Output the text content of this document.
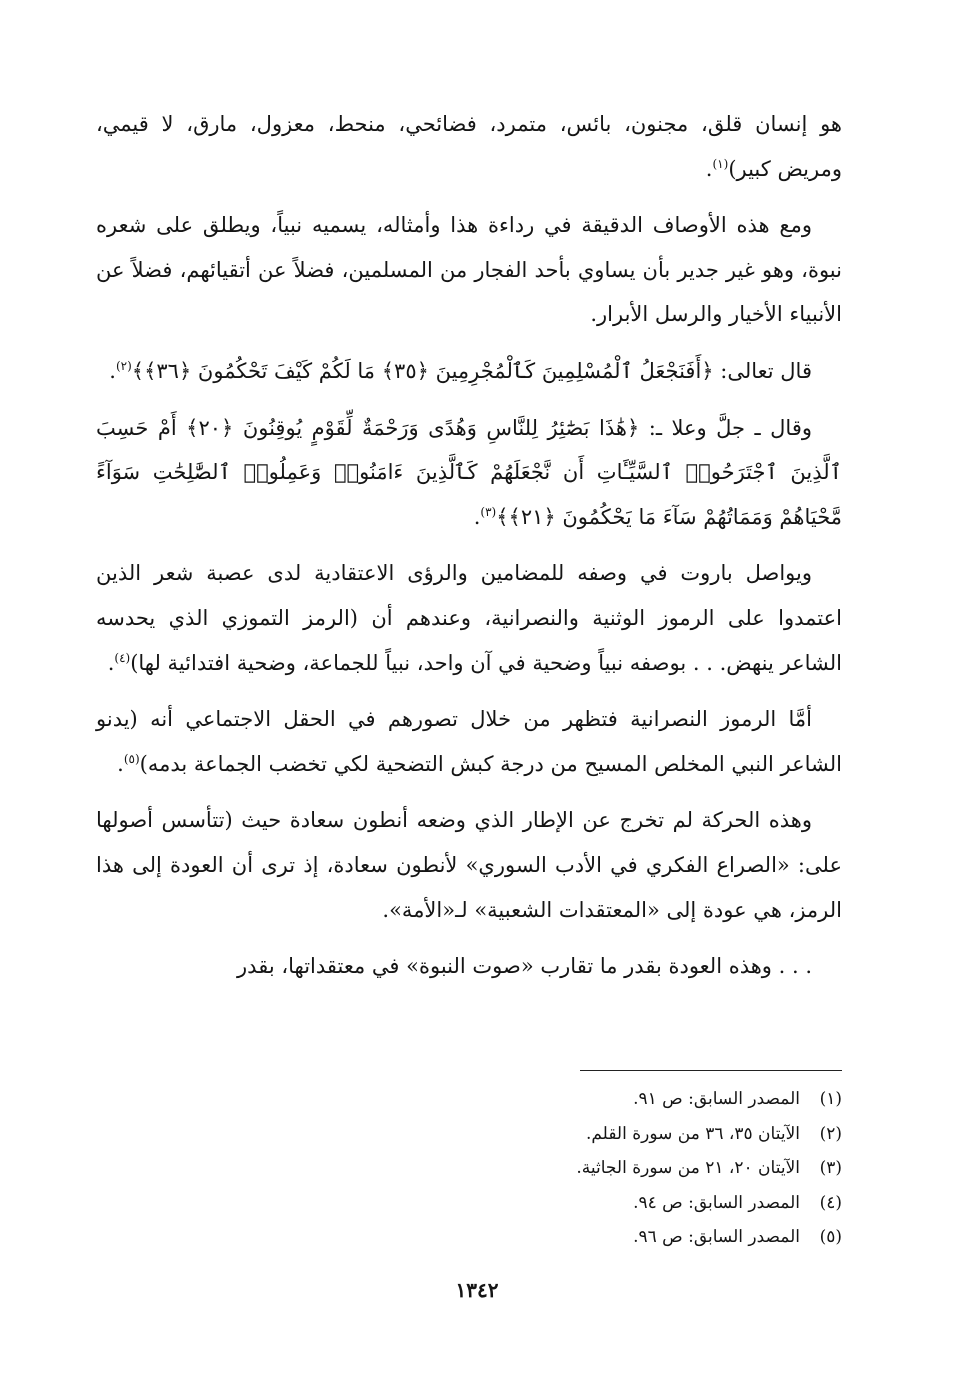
هو إنسان قلق، مجنون، بائس، متمرد، فضائحي، منحط، معزول، مارق، لا قيمي، ومريض كبير)$^{(١)}$.

ومع هذه الأوصاف الدقيقة في رداءة هذا وأمثاله، يسميه نبياً، ويطلق على شعره نبوة، وهو غير جدير بأن يساوي بأحد الفجار من المسلمين، فضلاً عن أتقيائهم، فضلاً عن الأنبياء الأخيار والرسل الأبرار.

قال تعالى: ﴿أَفَنَجْعَلُ ٱلْمُسْلِمِينَ كَٱلْمُجْرِمِينَ ﴿٣٥﴾ مَا لَكُمْ كَيْفَ تَحْكُمُونَ ﴿٣٦﴾﴾$^{(٢)}$.

وقال ـ جلَّ وعلا ـ: ﴿هَٰذَا بَصَٰٓئِرُ لِلنَّاسِ وَهُدًى وَرَحْمَةٌ لِّقَوْمٍ يُوقِنُونَ ﴿٢٠﴾ أَمْ حَسِبَ ٱلَّذِينَ ٱجْتَرَحُوا۟ ٱلسَّيِّـَٔاتِ أَن نَّجْعَلَهُمْ كَٱلَّذِينَ ءَامَنُوا۟ وَعَمِلُوا۟ ٱلصَّٰلِحَٰتِ سَوَآءً مَّحْيَاهُمْ وَمَمَاتُهُمْ سَآءَ مَا يَحْكُمُونَ ﴿٢١﴾﴾$^{(٣)}$.

ويواصل باروت في وصفه للمضامين والرؤى الاعتقادية لدى عصبة شعر الذين اعتمدوا على الرموز الوثنية والنصرانية، وعندهم أن (الرمز التموزي الذي يحدسه الشاعر ينهض. . . بوصفه نبياً وضحية في آن واحد، نبياً للجماعة، وضحية افتدائية لها)$^{(٤)}$.

أمَّا الرموز النصرانية فتظهر من خلال تصورهم في الحقل الاجتماعي أنه (يدنو الشاعر النبي المخلص المسيح من درجة كبش التضحية لكي تخضب الجماعة بدمه)$^{(٥)}$.

وهذه الحركة لم تخرج عن الإطار الذي وضعه أنطون سعادة حيث (تتأسس أصولها على: «الصراع الفكري في الأدب السوري» لأنطون سعادة، إذ ترى أن العودة إلى هذا الرمز، هي عودة إلى «المعتقدات الشعبية» لـ«الأمة».

. . . وهذه العودة بقدر ما تقارب «صوت النبوة» في معتقداتها، بقدر

(١)
المصدر السابق: ص ٩١.
(٢)
الآيتان ٣٥، ٣٦ من سورة القلم.
(٣)
الآيتان ٢٠، ٢١ من سورة الجاثية.
(٤)
المصدر السابق: ص ٩٤.
(٥)
المصدر السابق: ص ٩٦.
١٣٤٢
